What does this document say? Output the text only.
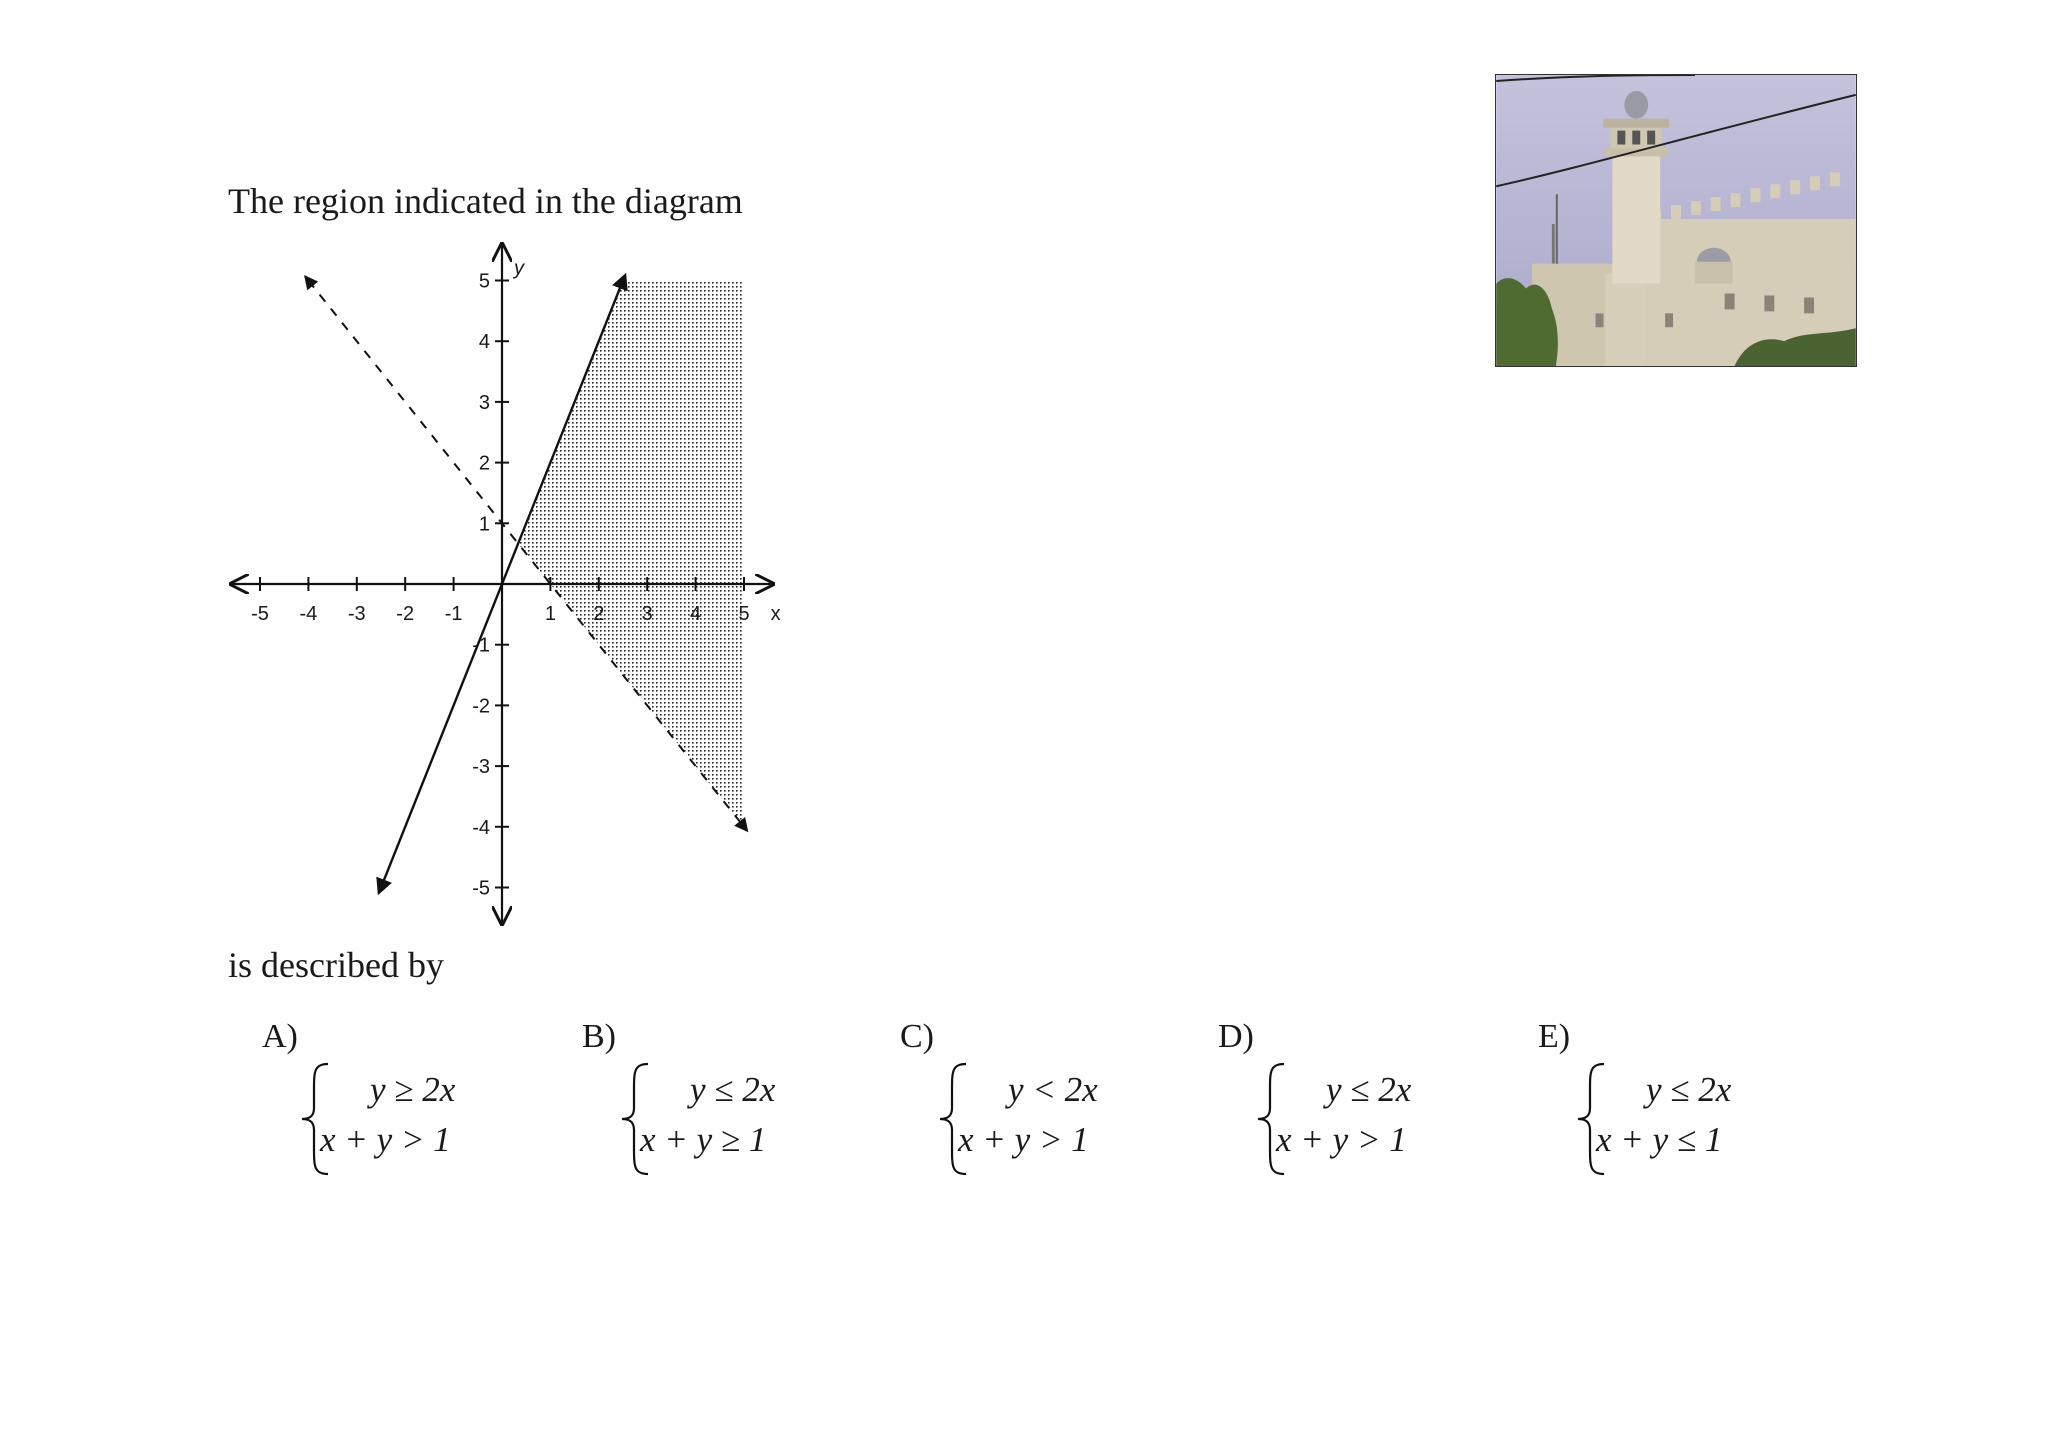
The region indicated in the diagram
-5 -4 -3 -2 -1	1 2 3 4 5
5
4
3
2
1
-1
-2
-3
-4
-5
x
y
is described by
A)
y ≥ 2x
x + y > 1
B)
y ≤ 2x
x + y ≥ 1
C)
y < 2x
x + y > 1
D)
y ≤ 2x
x + y > 1
E)
y ≤ 2x
x + y ≤ 1
